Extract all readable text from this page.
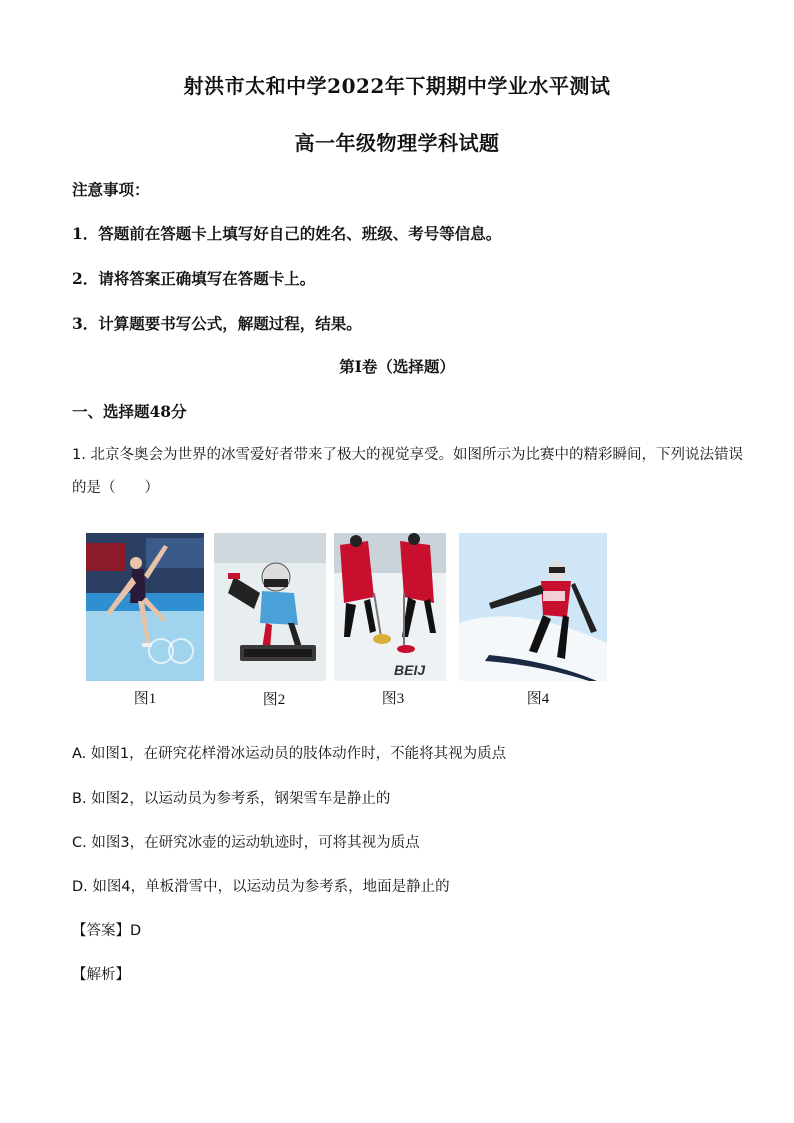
射洪市太和中学2022年下期期中学业水平测试
高一年级物理学科试题
注意事项：
1．答题前在答题卡上填写好自己的姓名、班级、考号等信息。
2．请将答案正确填写在答题卡上。
3．计算题要书写公式，解题过程，结果。
第Ⅰ卷（选择题）
一、选择题48分
1. 北京冬奥会为世界的冰雪爱好者带来了极大的视觉享受。如图所示为比赛中的精彩瞬间，下列说法错误
的是（　　）
图1	图2
BEIJ
图3	图4
A. 如图1，在研究花样滑冰运动员的肢体动作时，不能将其视为质点
B. 如图2，以运动员为参考系，钢架雪车是静止的
C. 如图3，在研究冰壶的运动轨迹时，可将其视为质点
D. 如图4，单板滑雪中，以运动员为参考系，地面是静止的
【答案】D
【解析】
